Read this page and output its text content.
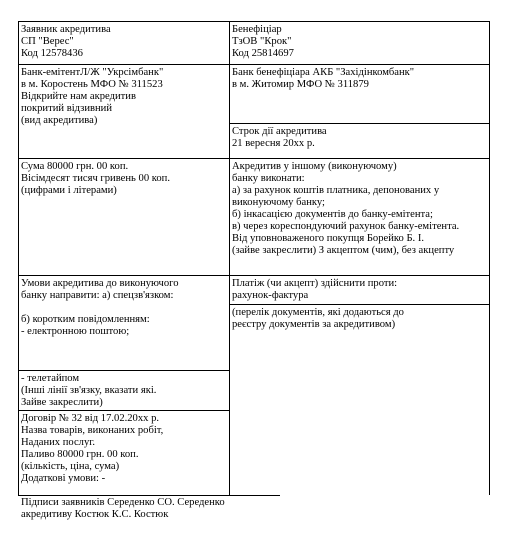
Заявник акредитива
СП "Верес"
Код 12578436
Бенефіціар
ТзОВ "Крок"
Код 25814697
Банк-емітентЛ/Ж "Укрсімбанк"
в м. Коростень МФО № 311523
Відкрийте нам акредитив
покритий відзивний
(вид акредитива)
Банк бенефіціара АКБ "Західінкомбанк"
в м. Житомир МФО № 311879
Строк дії акредитива
21 вересня 20хх р.
Сума 80000 грн. 00 коп.
Вісімдесят тисяч гривень 00 коп.
(цифрами і літерами)
Акредитив у іншому (виконуючому)
банку виконати:
а) за рахунок коштів платника, депонованих у
виконуючому банку;
б) інкасацією документів до банку-емітента;
в) через кореспондуючий рахунок банку-емітента.
Від уповноваженого покупця Борейко Б. І.
(зайве закреслити) З акцептом (чим), без акцепту
Умови акредитива до виконуючого
банку направити: а) спецзв'язком:
б) коротким повідомленням:
- електронною поштою;
Платіж (чи акцепт) здійснити проти:
рахунок-фактура
(перелік документів, які додаються до
реєстру документів за акредитивом)
- телетайпом
(Інші лінії зв'язку, вказати які.
Зайве закреслити)
Договір № 32 від 17.02.20хх р.
Назва товарів, виконаних робіт,
Наданих послуг.
Паливо 80000 грн. 00 коп.
(кількість, ціна, сума)
Додаткові умови: -
Підписи заявників Середенко СО. Середенко
акредитиву Костюк К.С. Костюк
